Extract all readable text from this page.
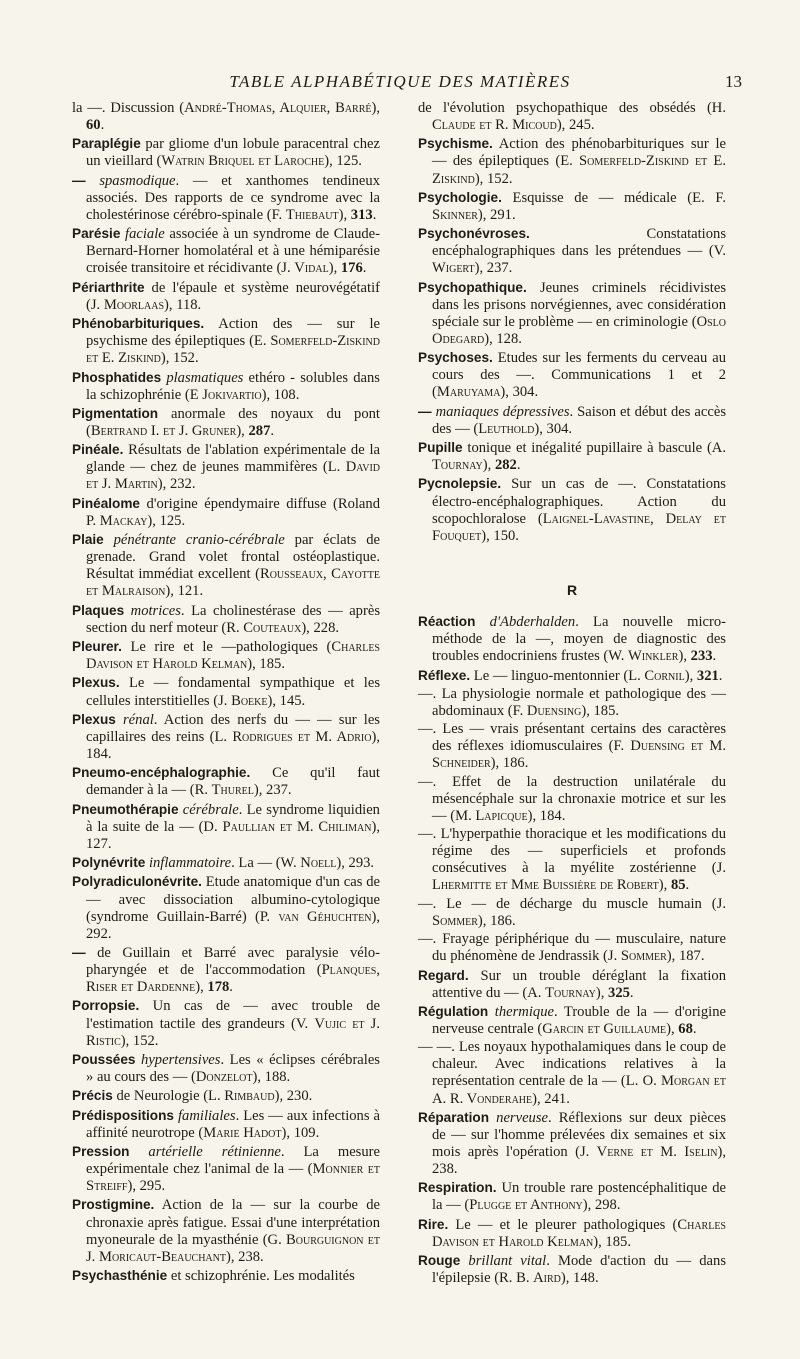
TABLE ALPHABÉTIQUE DES MATIÈRES	13

la —. Discussion (André-Thomas, Alquier, Barré), 60.

Paraplégie par gliome d'un lobule paracentral chez un vieillard (Watrin Briquel et Laroche), 125.

— spasmodique. — et xanthomes tendineux associés. Des rapports de ce syndrome avec la cholestérinose cérébro-spinale (F. Thiebaut), 313.

Parésie faciale associée à un syndrome de Claude-Bernard-Horner homolatéral et à une hémiparésie croisée transitoire et récidivante (J. Vidal), 176.

Périarthrite de l'épaule et système neurovégétatif (J. Moorlaas), 118.

Phénobarbituriques. Action des — sur le psychisme des épileptiques (E. Somerfeld-Ziskind et E. Ziskind), 152.

Phosphatides plasmatiques ethéro - solubles dans la schizophrénie (E Jokivartio), 108.

Pigmentation anormale des noyaux du pont (Bertrand I. et J. Gruner), 287.

Pinéale. Résultats de l'ablation expérimentale de la glande — chez de jeunes mammifères (L. David et J. Martin), 232.

Pinéalome d'origine épendymaire diffuse (Roland P. Mackay), 125.

Plaie pénétrante cranio-cérébrale par éclats de grenade. Grand volet frontal ostéoplastique. Résultat immédiat excellent (Rousseaux, Cayotte et Malraison), 121.

Plaques motrices. La cholinestérase des — après section du nerf moteur (R. Couteaux), 228.

Pleurer. Le rire et le —pathologiques (Charles Davison et Harold Kelman), 185.

Plexus. Le — fondamental sympathique et les cellules interstitielles (J. Boeke), 145.

Plexus rénal. Action des nerfs du — — sur les capillaires des reins (L. Rodrigues et M. Adrio), 184.

Pneumo-encéphalographie. Ce qu'il faut demander à la — (R. Thurel), 237.

Pneumothérapie cérébrale. Le syndrome liquidien à la suite de la — (D. Paullian et M. Chiliman), 127.

Polynévrite inflammatoire. La — (W. Noell), 293.

Polyradiculonévrite. Etude anatomique d'un cas de — avec dissociation albumino-cytologique (syndrome Guillain-Barré) (P. van Géhuchten), 292.

— de Guillain et Barré avec paralysie vélo-pharyngée et de l'accommodation (Planques, Riser et Dardenne), 178.

Porropsie. Un cas de — avec trouble de l'estimation tactile des grandeurs (V. Vujic et J. Ristic), 152.

Poussées hypertensives. Les « éclipses cérébrales » au cours des — (Donzelot), 188.

Précis de Neurologie (L. Rimbaud), 230.

Prédispositions familiales. Les — aux infections à affinité neurotrope (Marie Hadot), 109.

Pression artérielle rétinienne. La mesure expérimentale chez l'animal de la — (Monnier et Streiff), 295.

Prostigmine. Action de la — sur la courbe de chronaxie après fatigue. Essai d'une interprétation myoneurale de la myasthénie (G. Bourguignon et J. Moricaut-Beauchant), 238.

Psychasthénie et schizophrénie. Les modalités

de l'évolution psychopathique des obsédés (H. Claude et R. Micoud), 245.

Psychisme. Action des phénobarbituriques sur le — des épileptiques (E. Somerfeld-Ziskind et E. Ziskind), 152.

Psychologie. Esquisse de — médicale (E. F. Skinner), 291.

Psychonévroses. Constatations encéphalographiques dans les prétendues — (V. Wigert), 237.

Psychopathique. Jeunes criminels récidivistes dans les prisons norvégiennes, avec considération spéciale sur le problème — en criminologie (Oslo Odegard), 128.

Psychoses. Etudes sur les ferments du cerveau au cours des —. Communications 1 et 2 (Maruyama), 304.

— maniaques dépressives. Saison et début des accès des — (Leuthold), 304.

Pupille tonique et inégalité pupillaire à bascule (A. Tournay), 282.

Pycnolepsie. Sur un cas de —. Constatations électro-encéphalographiques. Action du scopochloralose (Laignel-Lavastine, Delay et Fouquet), 150.

R

Réaction d'Abderhalden. La nouvelle micro-méthode de la —, moyen de diagnostic des troubles endocriniens frustes (W. Winkler), 233.

Réflexe. Le — linguo-mentonnier (L. Cornil), 321.

—. La physiologie normale et pathologique des — abdominaux (F. Duensing), 185.

—. Les — vrais présentant certains des caractères des réflexes idiomusculaires (F. Duensing et M. Schneider), 186.

—. Effet de la destruction unilatérale du mésencéphale sur la chronaxie motrice et sur les — (M. Lapicque), 184.

—. L'hyperpathie thoracique et les modifications du régime des — superficiels et profonds consécutives à la myélite zostérienne (J. Lhermitte et Mme Buissière de Robert), 85.

—. Le — de décharge du muscle humain (J. Sommer), 186.

—. Frayage périphérique du — musculaire, nature du phénomène de Jendrassik (J. Sommer), 187.

Regard. Sur un trouble déréglant la fixation attentive du — (A. Tournay), 325.

Régulation thermique. Trouble de la — d'origine nerveuse centrale (Garcin et Guillaume), 68.

— —. Les noyaux hypothalamiques dans le coup de chaleur. Avec indications relatives à la représentation centrale de la — (L. O. Morgan et A. R. Vonderahe), 241.

Réparation nerveuse. Réflexions sur deux pièces de — sur l'homme prélevées dix semaines et six mois après l'opération (J. Verne et M. Iselin), 238.

Respiration. Un trouble rare postencéphalitique de la — (Plugge et Anthony), 298.

Rire. Le — et le pleurer pathologiques (Charles Davison et Harold Kelman), 185.

Rouge brillant vital. Mode d'action du — dans l'épilepsie (R. B. Aird), 148.
